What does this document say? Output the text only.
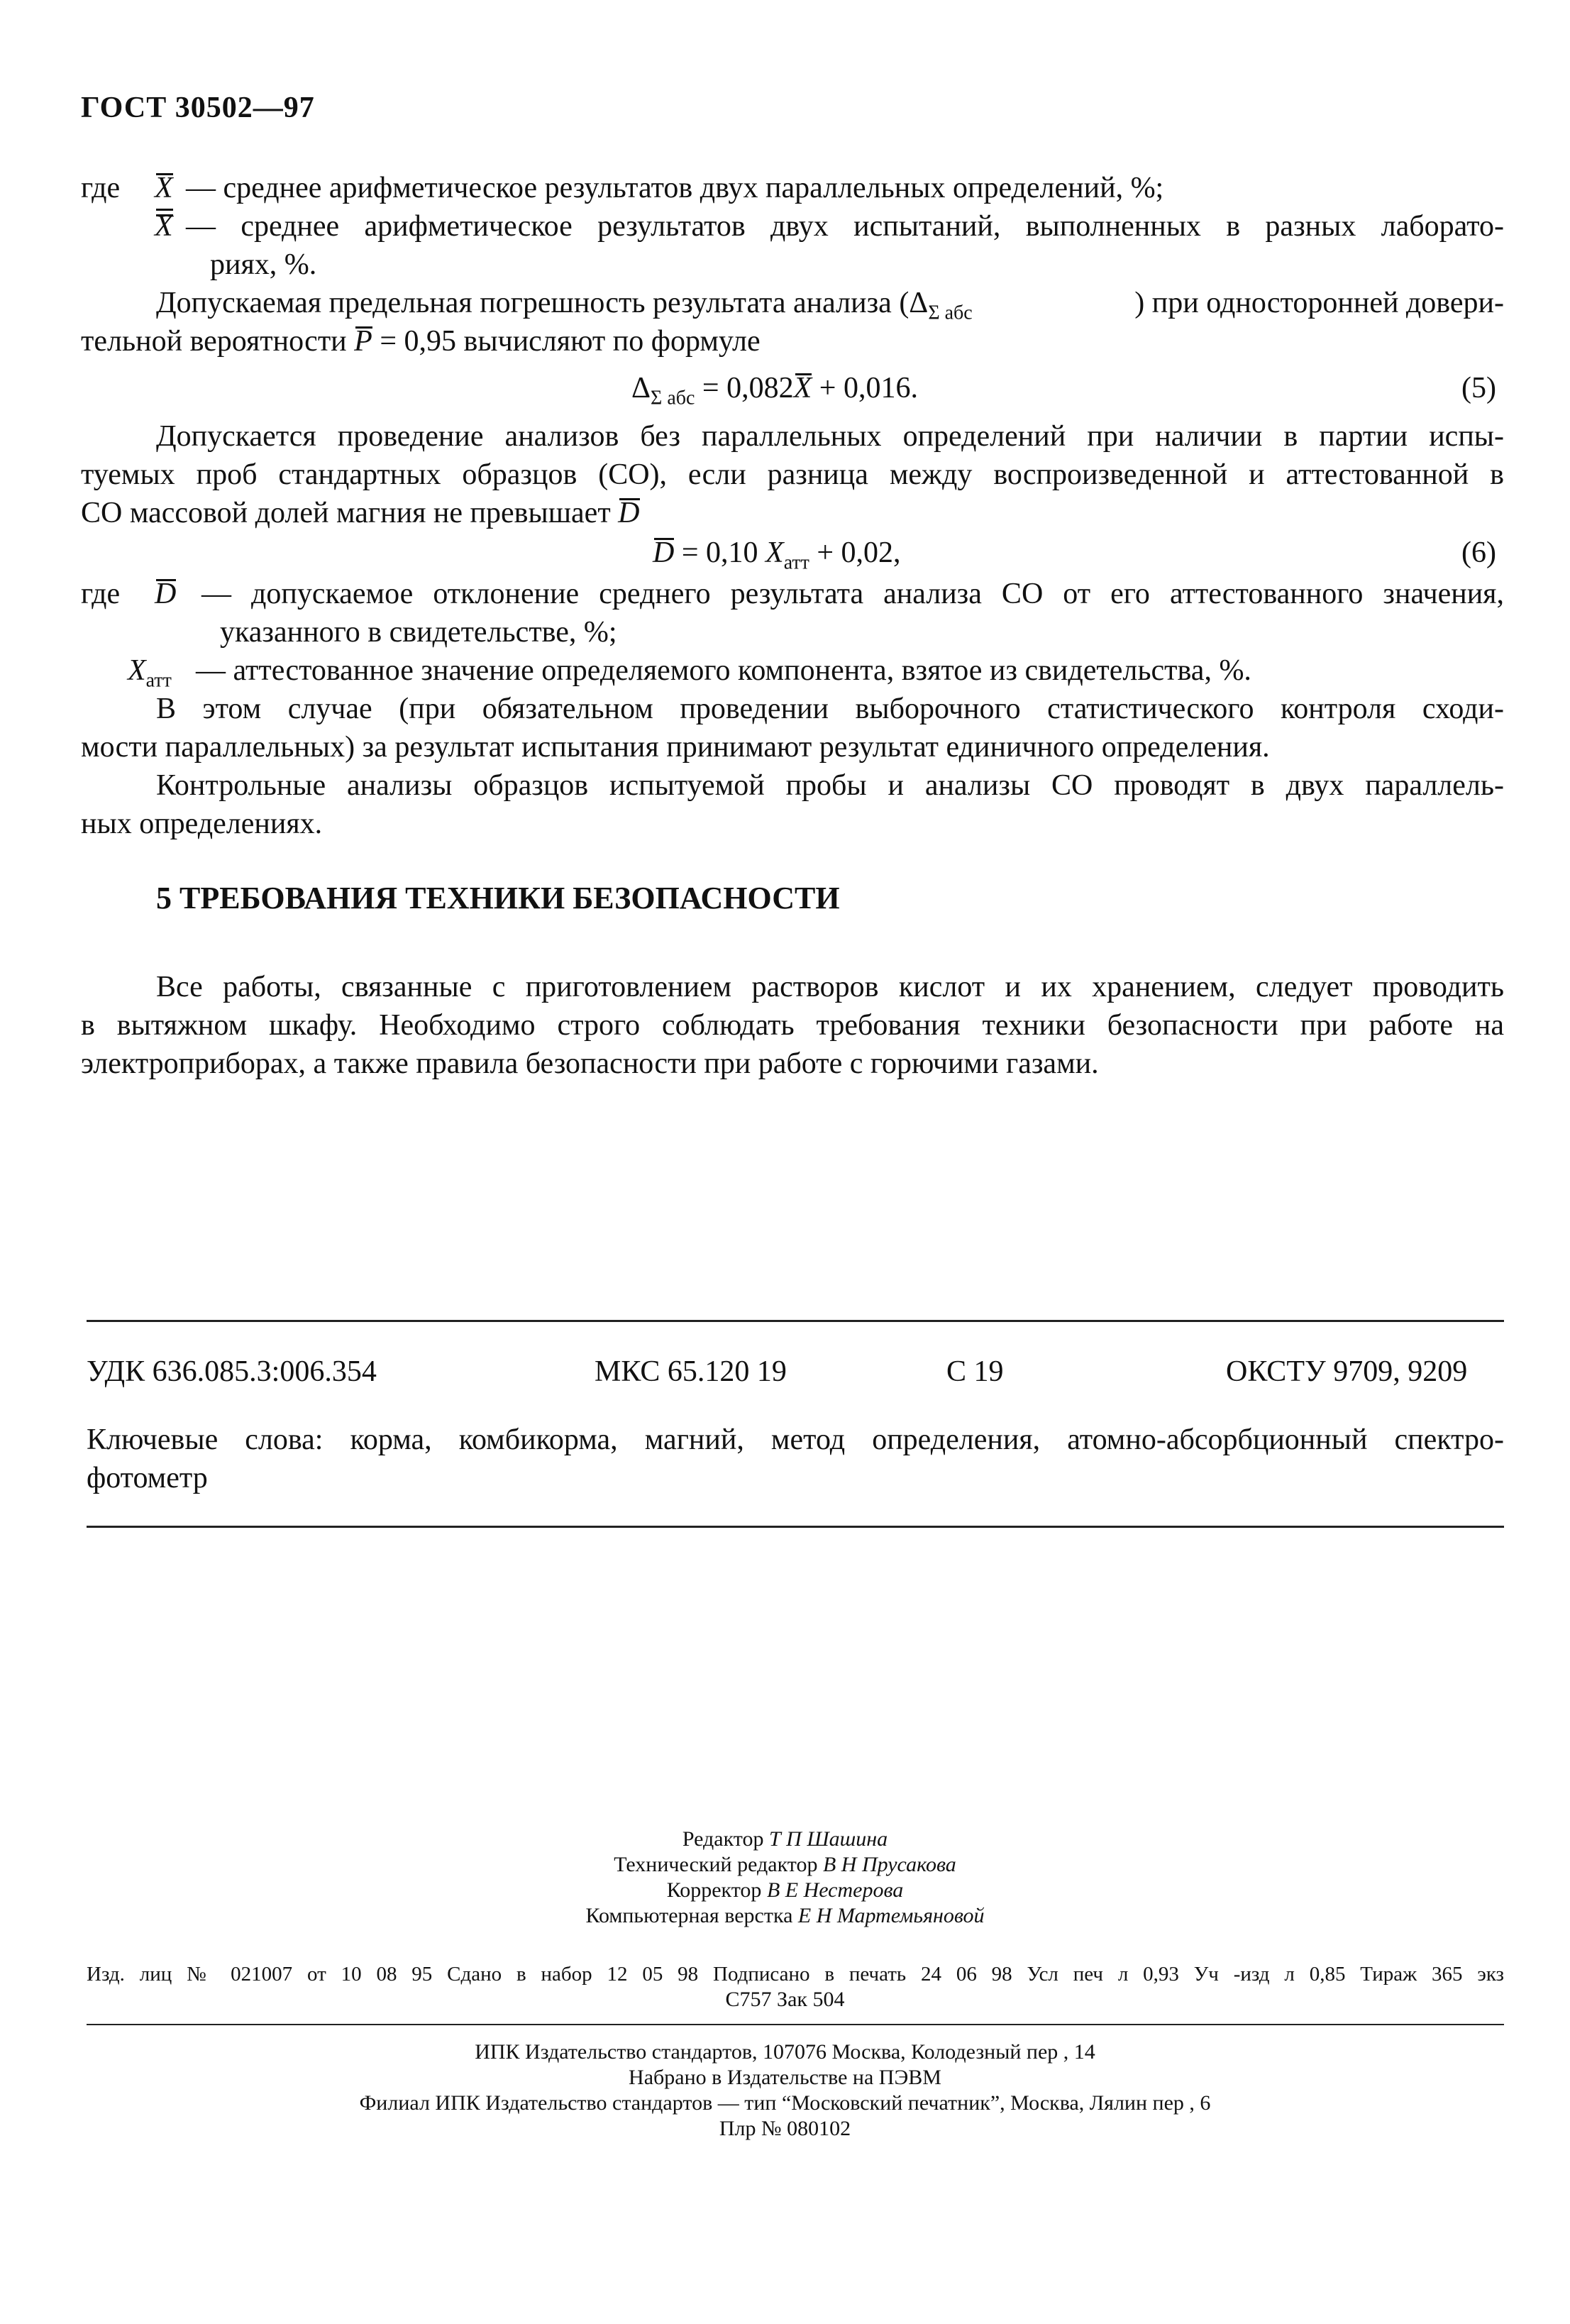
ГОСТ 30502—97
где X — среднее арифметическое результатов двух параллельных определений, %;
X — среднее арифметическое результатов двух испытаний, выполненных в разных лаборато-
риях, %.
Допускаемая предельная погрешность результата анализа ($\Delta_{\Sigma абс}$	) при односторонней довери-
тельной вероятности P = 0,95 вычисляют по формуле
$\Delta_{\Sigma абс} = 0,082X + 0,016$.	(5)
Допускается проведение анализов без параллельных определений при наличии в партии испы-
туемых проб стандартных образцов (СО), если разница между воспроизведенной и аттестованной в
СО массовой долей магния не превышает D
D = 0,10 $X_{атт} + 0,02$,	(6)
где D — допускаемое отклонение среднего результата анализа СО от его аттестованного значения,
указанного в свидетельстве, %;
$X_{атт}$ — аттестованное значение определяемого компонента, взятое из свидетельства, %.
В этом случае (при обязательном проведении выборочного статистического контроля сходи-
мости параллельных) за результат испытания принимают результат единичного определения.
Контрольные анализы образцов испытуемой пробы и анализы СО проводят в двух параллель-
ных определениях.
5 ТРЕБОВАНИЯ ТЕХНИКИ БЕЗОПАСНОСТИ
Все работы, связанные с приготовлением растворов кислот и их хранением, следует проводить
в вытяжном шкафу. Необходимо строго соблюдать требования техники безопасности при работе на
электроприборах, а также правила безопасности при работе с горючими газами.
УДК 636.085.3:006.354	МКС 65.120 19	С 19	ОКСТУ 9709, 9209
Ключевые слова: корма, комбикорма, магний, метод определения, атомно-абсорбционный спектро-
фотометр
Редактор Т П Шашина
Технический редактор В Н Прусакова
Корректор В Е Нестерова
Компьютерная верстка Е Н Мартемьяновой
Изд. лиц № 021007 от 10 08 95 Сдано в набор 12 05 98 Подписано в печать 24 06 98 Усл печ л 0,93 Уч -изд л 0,85 Тираж 365 экз
С757 Зак 504
ИПК Издательство стандартов, 107076 Москва, Колодезный пер , 14
Набрано в Издательстве на ПЭВМ
Филиал ИПК Издательство стандартов — тип “Московский печатник”, Москва, Лялин пер , 6
Плр № 080102
